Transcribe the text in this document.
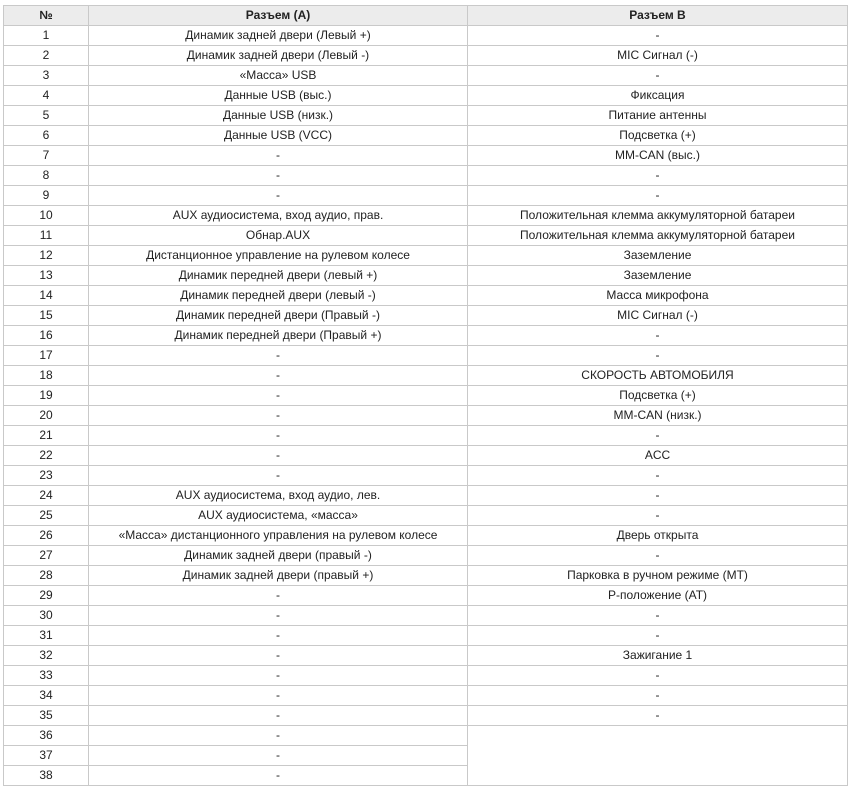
№	Разъем (А)	Разъем В
1	Динамик задней двери (Левый +)	-
2	Динамик задней двери (Левый -)	MIC Сигнал (-)
3	«Масса» USB	-
4	Данные USB (выс.)	Фиксация
5	Данные USB (низк.)	Питание антенны
6	Данные USB (VCC)	Подсветка (+)
7	-	MM-CAN (выс.)
8	-	-
9	-	-
10	AUX аудиосистема, вход аудио, прав.	Положительная клемма аккумуляторной батареи
11	Обнар.AUX	Положительная клемма аккумуляторной батареи
12	Дистанционное управление на рулевом колесе	Заземление
13	Динамик передней двери (левый +)	Заземление
14	Динамик передней двери (левый -)	Масса микрофона
15	Динамик передней двери (Правый -)	MIC Сигнал (-)
16	Динамик передней двери (Правый +)	-
17	-	-
18	-	СКОРОСТЬ АВТОМОБИЛЯ
19	-	Подсветка (+)
20	-	MM-CAN (низк.)
21	-	-
22	-	ACC
23	-	-
24	AUX аудиосистема, вход аудио, лев.	-
25	AUX аудиосистема, «масса»	-
26	«Масса» дистанционного управления на рулевом колесе	Дверь открыта
27	Динамик задней двери (правый -)	-
28	Динамик задней двери (правый +)	Парковка в ручном режиме (MT)
29	-	P-положение (AT)
30	-	-
31	-	-
32	-	Зажигание 1
33	-	-
34	-	-
35	-	-
36	-	
37	-	
38	-	
